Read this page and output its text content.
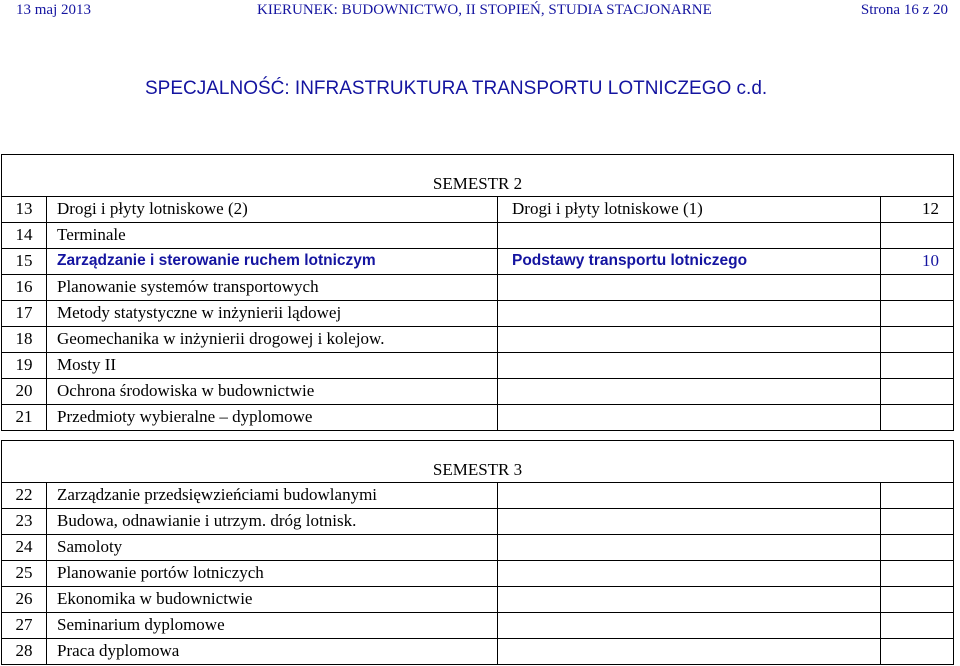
13 maj 2013	KIERUNEK: BUDOWNICTWO, II STOPIEŃ, STUDIA STACJONARNE	Strona 16 z 20
SPECJALNOŚĆ: INFRASTRUKTURA TRANSPORTU LOTNICZEGO c.d.
SEMESTR 2
13	Drogi i płyty lotniskowe (2)	Drogi i płyty lotniskowe (1)	12
14	Terminale
15	Zarządzanie i sterowanie ruchem lotniczym	Podstawy transportu lotniczego	10
16	Planowanie systemów transportowych
17	Metody statystyczne w inżynierii lądowej
18	Geomechanika w inżynierii drogowej i kolejow.
19	Mosty II
20	Ochrona środowiska w budownictwie
21	Przedmioty wybieralne – dyplomowe
SEMESTR 3
22	Zarządzanie przedsięwzieńciami budowlanymi
23	Budowa, odnawianie i utrzym. dróg lotnisk.
24	Samoloty
25	Planowanie portów lotniczych
26	Ekonomika w budownictwie
27	Seminarium dyplomowe
28	Praca dyplomowa
